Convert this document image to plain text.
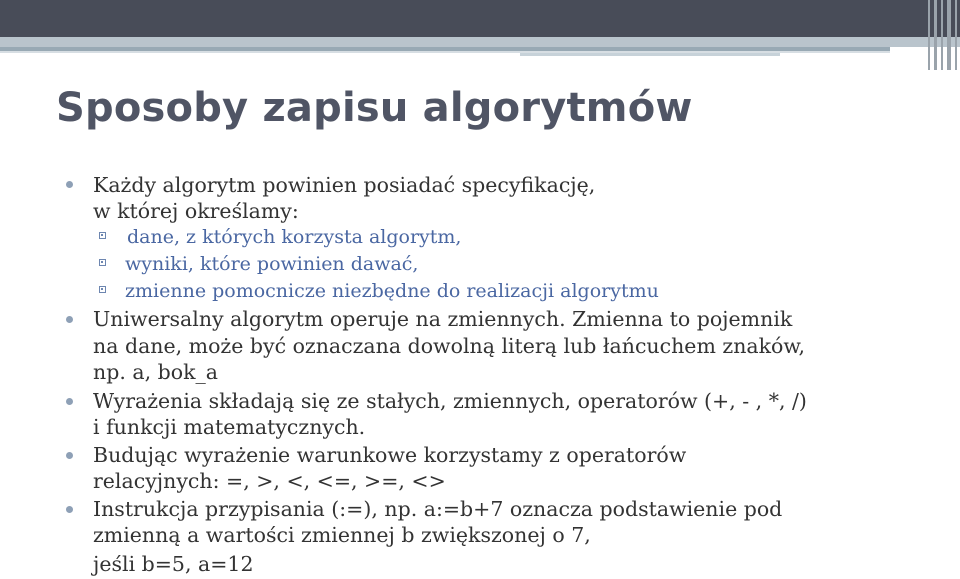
Sposoby zapisu algorytmów
Każdy algorytm powinien posiadać specyfikację,
w której określamy:
dane, z których korzysta algorytm,
wyniki, które powinien dawać,
zmienne pomocnicze niezbędne do realizacji algorytmu
Uniwersalny algorytm operuje na zmiennych. Zmienna to pojemnik
na dane, może być oznaczana dowolną literą lub łańcuchem znaków,
np. a, bok_a
Wyrażenia składają się ze stałych, zmiennych, operatorów (+, - , *, /)
i funkcji matematycznych.
Budując wyrażenie warunkowe korzystamy z operatorów
relacyjnych: =, >, <, <=, >=, <>
Instrukcja przypisania (:=), np. a:=b+7 oznacza podstawienie pod
zmienną a wartości zmiennej b zwiększonej o 7,
jeśli b=5, a=12
